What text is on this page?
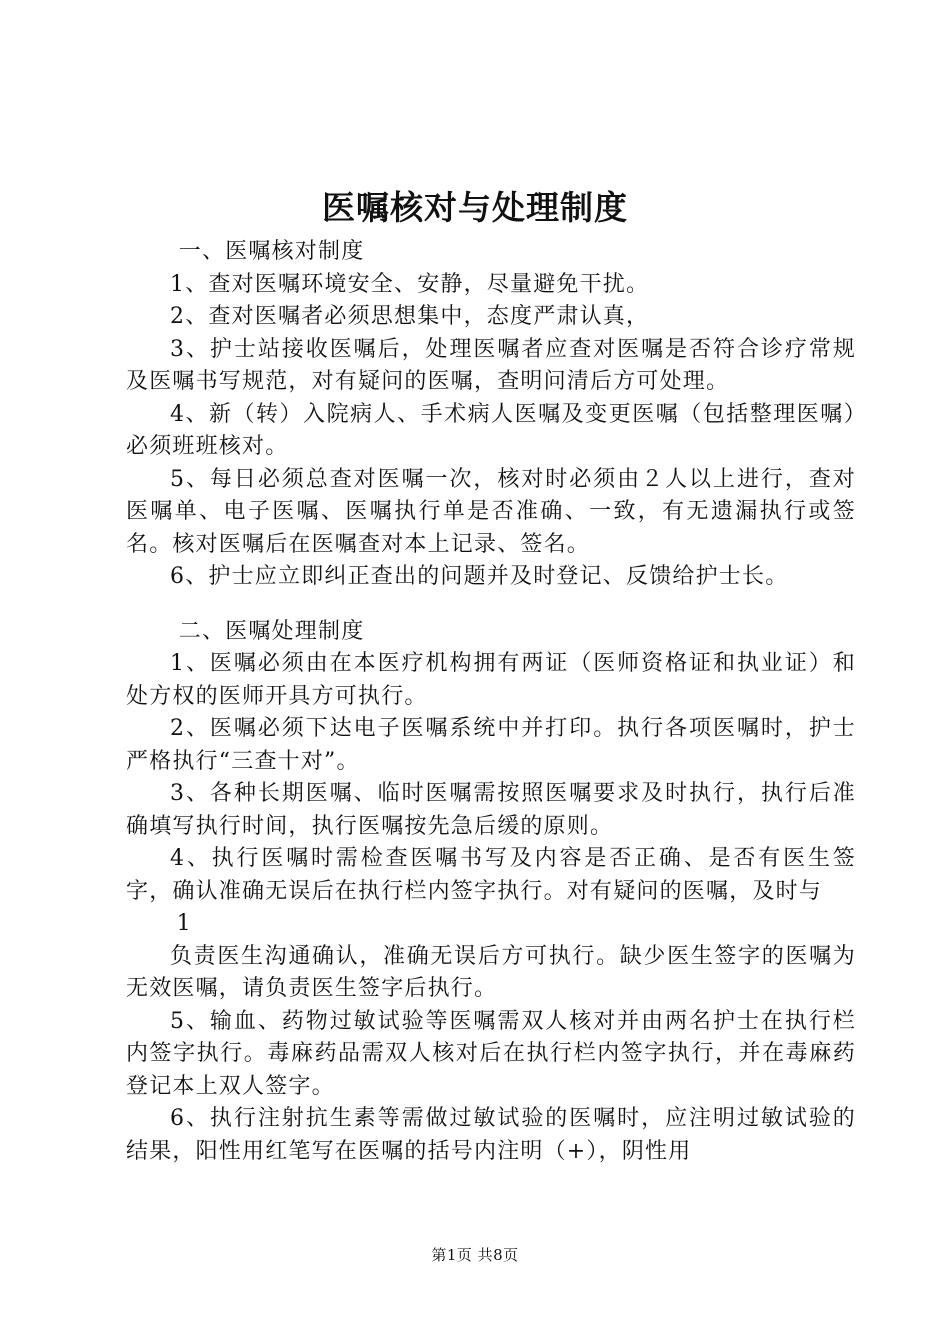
医嘱核对与处理制度

一、医嘱核对制度

1、查对医嘱环境安全、安静，尽量避免干扰。

2、查对医嘱者必须思想集中，态度严肃认真，

3、护士站接收医嘱后，处理医嘱者应查对医嘱是否符合诊疗常规及医嘱书写规范，对有疑问的医嘱，查明问清后方可处理。

4、新（转）入院病人、手术病人医嘱及变更医嘱（包括整理医嘱）必须班班核对。

5、每日必须总查对医嘱一次，核对时必须由２人以上进行，查对医嘱单、电子医嘱、医嘱执行单是否准确、一致，有无遗漏执行或签名。核对医嘱后在医嘱查对本上记录、签名。

6、护士应立即纠正查出的问题并及时登记、反馈给护士长。

二、医嘱处理制度

1、医嘱必须由在本医疗机构拥有两证（医师资格证和执业证）和处方权的医师开具方可执行。

2、医嘱必须下达电子医嘱系统中并打印。执行各项医嘱时，护士严格执行“三查十对”。

3、各种长期医嘱、临时医嘱需按照医嘱要求及时执行，执行后准确填写执行时间，执行医嘱按先急后缓的原则。

4、执行医嘱时需检查医嘱书写及内容是否正确、是否有医生签字，确认准确无误后在执行栏内签字执行。对有疑问的医嘱，及时与

1

负责医生沟通确认，准确无误后方可执行。缺少医生签字的医嘱为无效医嘱，请负责医生签字后执行。

5、输血、药物过敏试验等医嘱需双人核对并由两名护士在执行栏内签字执行。毒麻药品需双人核对后在执行栏内签字执行，并在毒麻药登记本上双人签字。

6、执行注射抗生素等需做过敏试验的医嘱时，应注明过敏试验的结果，阳性用红笔写在医嘱的括号内注明（+），阴性用

第1页 共8页
